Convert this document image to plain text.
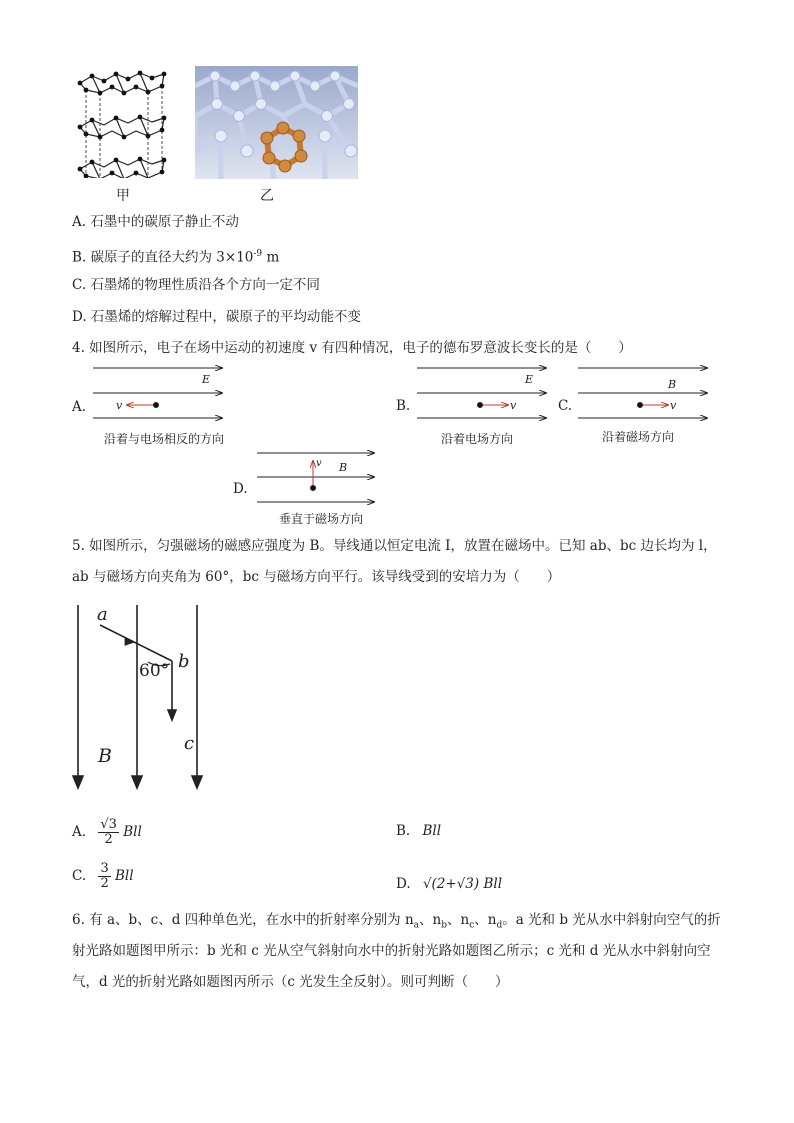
甲	乙
A. 石墨中的碳原子静止不动
B. 碳原子的直径大约为 $3\times 10^{-9}$ m
C. 石墨烯的物理性质沿各个方向一定不同
D. 石墨烯的熔解过程中，碳原子的平均动能不变
4. 如图所示，电子在场中运动的初速度 v 有四种情况，电子的德布罗意波长变长的是（　　）
E
v
A.
沿着与电场相反的方向
E
v
B.
沿着电场方向
B
v
C.
沿着磁场方向
B
v
D.
垂直于磁场方向
5. 如图所示，匀强磁场的磁感应强度为 B。导线通以恒定电流 I，放置在磁场中。已知 ab、bc 边长均为 l，
ab 与磁场方向夹角为 60°，bc 与磁场方向平行。该导线受到的安培力为（　　）
a
b
60°
c
B
A. $\frac{√3}{2}$ Bll	B. Bll
C. $\frac{3}{2}$ Bll	D. √(2+√3) Bll
6. 有 a、b、c、d 四种单色光，在水中的折射率分别为 $n_a$、$n_b$、$n_c$、$n_d$。a 光和 b 光从水中斜射向空气的折
射光路如题图甲所示：b 光和 c 光从空气斜射向水中的折射光路如题图乙所示；c 光和 d 光从水中斜射向空
气，d 光的折射光路如题图丙所示（c 光发生全反射）。则可判断（　　）
